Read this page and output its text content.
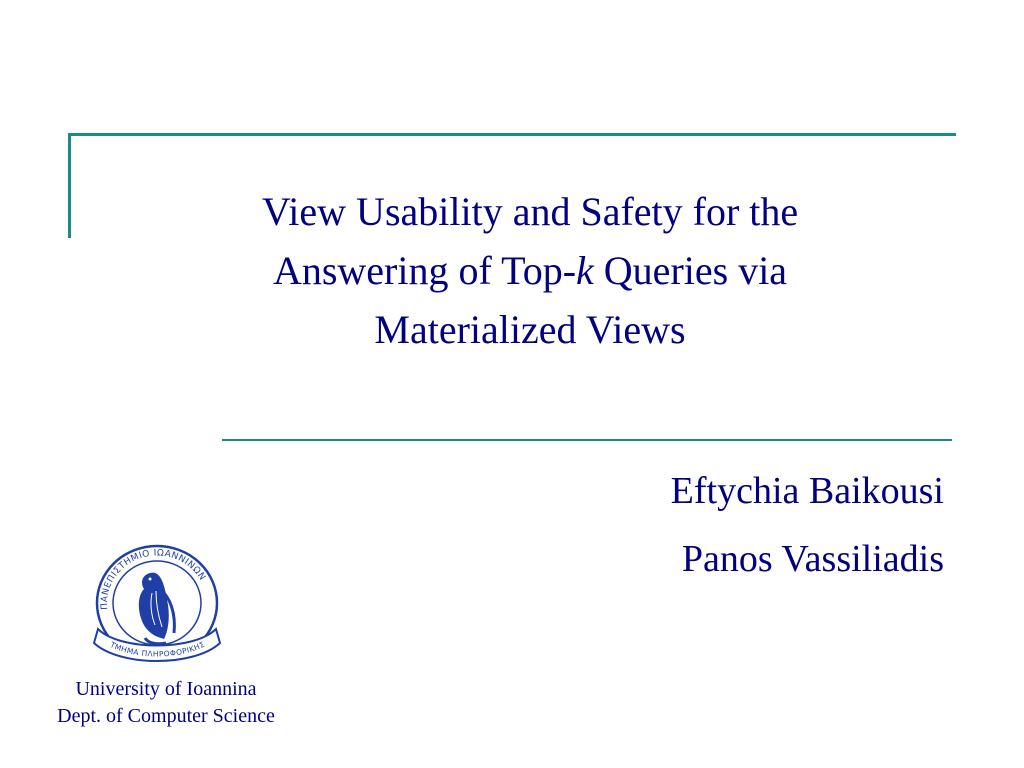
View Usability and Safety for the
Answering of Top-k Queries via
Materialized Views
Eftychia Baikousi
Panos Vassiliadis
ΠΑΝΕΠΙΣΤΗΜΙΟ ΙΩΑΝΝΙΝΩΝ
ΤΜΗΜΑ ΠΛΗΡΟΦΟΡΙΚΗΣ
University of Ioannina
Dept. of Computer Science
